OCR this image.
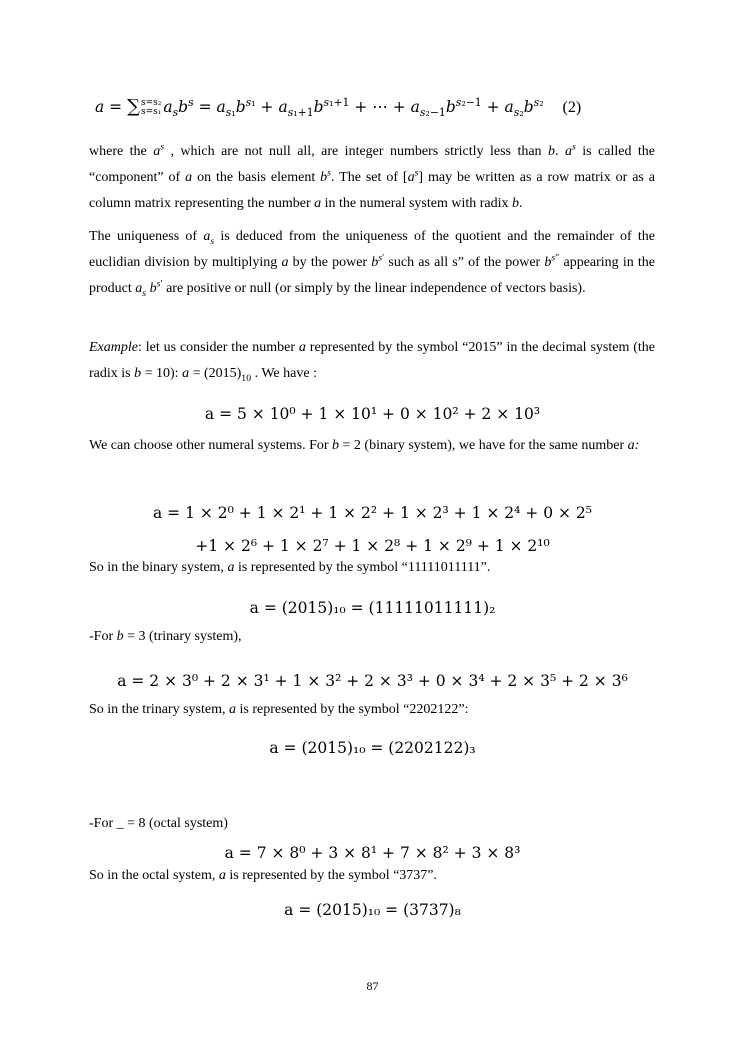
a = ∑ s=s₂
s=s₁ $a_sb^s = a_{s_1}b^{s_1} + a_{s_1+1}b^{s_1+1}$ + ⋯ + $a_{s_2-1}b^{s_2-1} + a_{s_2}b^{s_2}$ (2)

where the $a^s$ , which are not null all, are integer numbers strictly less than b. $a^s$ is called the “component” of a on the basis element $b^s$. The set of $[a^s]$ may be written as a row matrix or as a column matrix representing the number a in the numeral system with radix b.

The uniqueness of $a_s$ is deduced from the uniqueness of the quotient and the remainder of the euclidian division by multiplying a by the power $b^{s'}$ such as all s” of the power $b^{s''}$ appearing in the product $a_s$ $b^{s'}$ are positive or null (or simply by the linear independence of vectors basis).

Example: let us consider the number a represented by the symbol “2015” in the decimal system (the radix is b = 10): $a = (2015)_{10}$ . We have :

a = 5 × 10⁰ + 1 × 10¹ + 0 × 10² + 2 × 10³

We can choose other numeral systems. For b = 2 (binary system), we have for the same number a:

a = 1 × 2⁰ + 1 × 2¹ + 1 × 2² + 1 × 2³ + 1 × 2⁴ + 0 × 2⁵
+1 × 2⁶ + 1 × 2⁷ + 1 × 2⁸ + 1 × 2⁹ + 1 × 2¹⁰

So in the binary system, a is represented by the symbol “11111011111”.

a = (2015)₁₀ = (11111011111)₂

-For b = 3 (trinary system),

a = 2 × 3⁰ + 2 × 3¹ + 1 × 3² + 2 × 3³ + 0 × 3⁴ + 2 × 3⁵ + 2 × 3⁶

So in the trinary system, a is represented by the symbol “2202122”:

a = (2015)₁₀ = (2202122)₃

-For _ = 8 (octal system)

a = 7 × 8⁰ + 3 × 8¹ + 7 × 8² + 3 × 8³

So in the octal system, a is represented by the symbol “3737”.

a = (2015)₁₀ = (3737)₈
87
